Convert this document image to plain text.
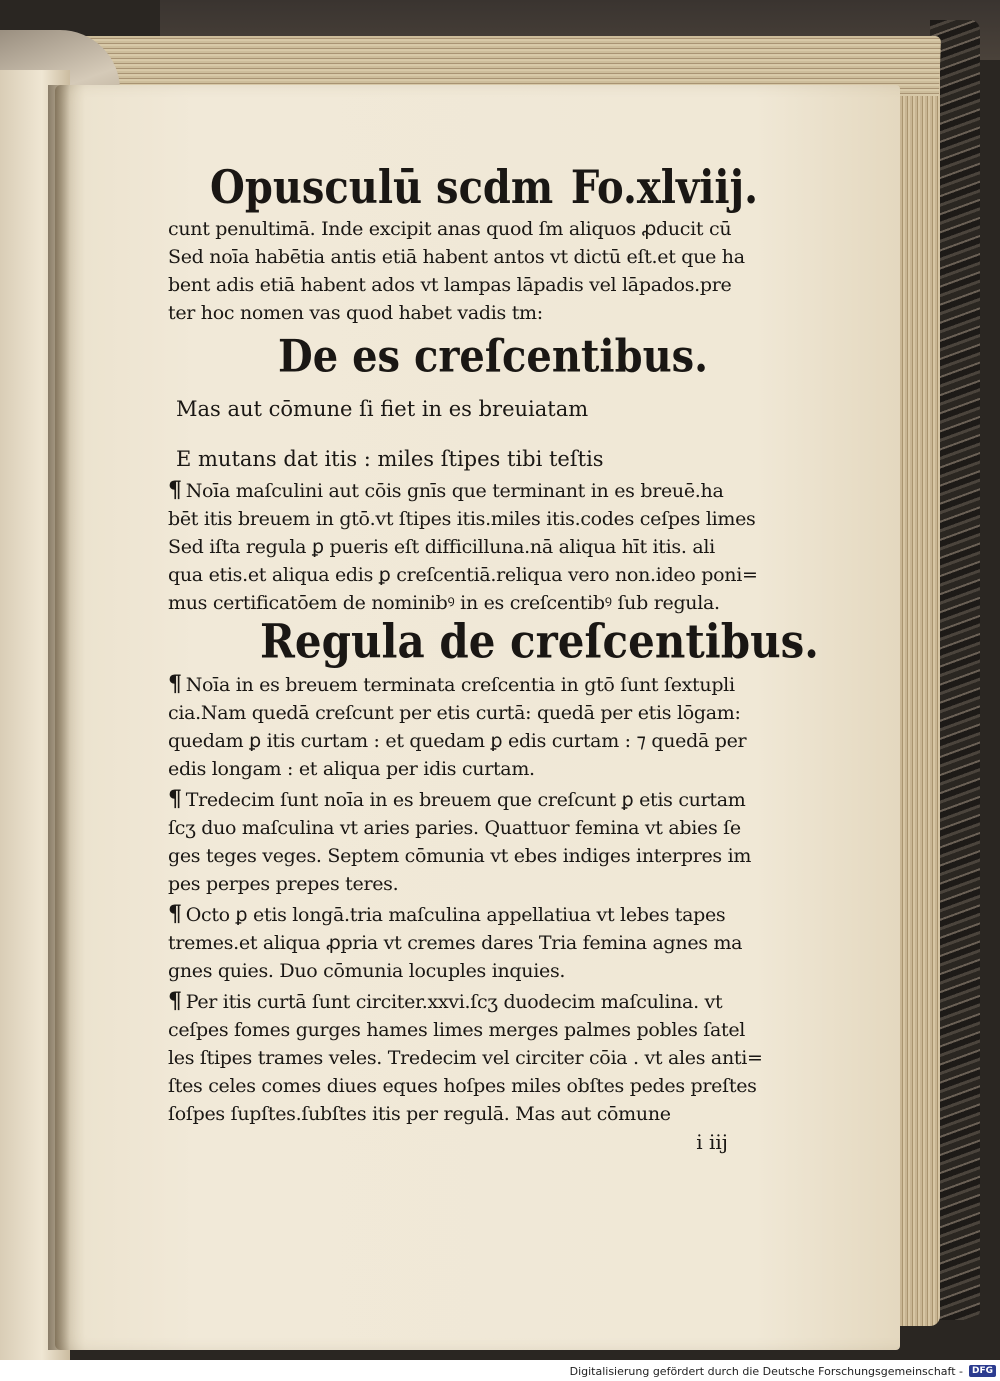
Opusculū scdm Fo.xlviij.
cunt penultimā. Inde excipit anas quod ſm aliquos ꝓducit cū
Sed noīa habētia antis etiā habent antos vt dictū eſt.et que ha
bent adis etiā habent ados vt lampas lāpadis vel lāpados.pre
ter hoc nomen vas quod habet vadis tm:
De es creſcentibus.
Mas aut cōmune ſi fiet in es breuiatam
E mutans dat itis : miles ſtipes tibi teſtis
¶ Noīa maſculini aut cōis gnīs que terminant in es breuē.ha
bēt itis breuem in gtō.vt ſtipes itis.miles itis.codes ceſpes limes
Sed iſta regula ꝑ pueris eſt difficilluna.nā aliqua hīt itis. ali
qua etis.et aliqua edis ꝑ creſcentiā.reliqua vero non.ideo poni=
mus certificatōem de nominibꝰ in es creſcentibꝰ ſub regula.
Regula de creſcentibus.
¶ Noīa in es breuem terminata creſcentia in gtō ſunt ſextupli
cia.Nam quedā creſcunt per etis curtā: quedā per etis lōgam:
quedam ꝑ itis curtam : et quedam ꝑ edis curtam : ⁊ quedā per
edis longam : et aliqua per idis curtam.
¶ Tredecim ſunt noīa in es breuem que creſcunt ꝑ etis curtam
ſcʒ duo maſculina vt aries paries. Quattuor femina vt abies ſe
ges teges veges. Septem cōmunia vt ebes indiges interpres im
pes perpes prepes teres.
¶ Octo ꝑ etis longā.tria maſculina appellatiua vt lebes tapes
tremes.et aliqua ꝓpria vt cremes dares Tria femina agnes ma
gnes quies. Duo cōmunia locuples inquies.
¶ Per itis curtā ſunt circiter.xxvi.ſcʒ duodecim maſculina. vt
ceſpes fomes gurges hames limes merges palmes pobles ſatel
les ſtipes trames veles. Tredecim vel circiter cōia . vt ales anti=
ſtes celes comes diues eques hoſpes miles obſtes pedes preſtes
ſoſpes ſupſtes.ſubſtes itis per regulā. Mas aut cōmune
i iij
Digitalisierung gefördert durch die Deutsche Forschungsgemeinschaft -	DFG
